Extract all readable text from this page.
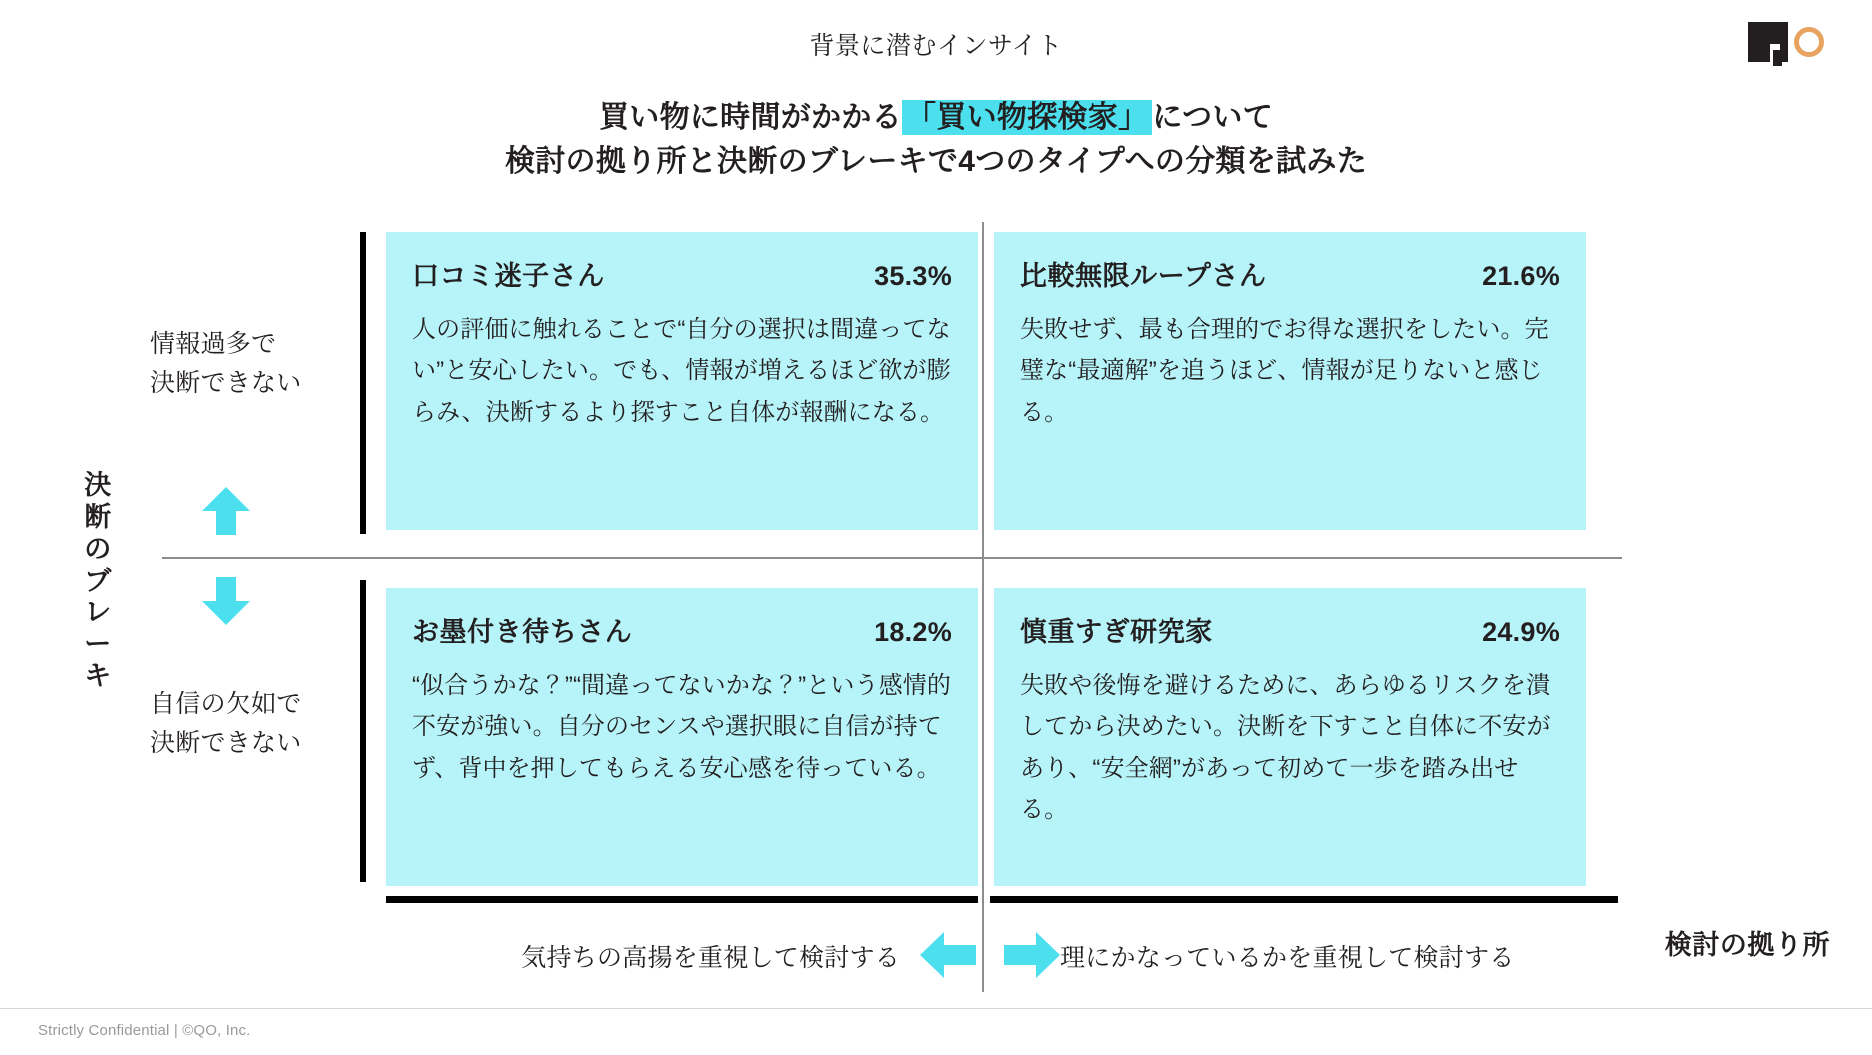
背景に潜むインサイト
買い物に時間がかかる 「買い物探検家」 について
検討の拠り所と決断のブレーキで4つのタイプへの分類を試みた
決断のブレーキ
検討の拠り所
情報過多で
決断できない
自信の欠如で
決断できない
気持ちの高揚を重視して検討する	理にかなっているかを重視して検討する
口コミ迷子さん	35.3%
人の評価に触れることで“自分の選択は間違ってない”と安心したい。でも、情報が増えるほど欲が膨らみ、決断するより探すこと自体が報酬になる。
比較無限ループさん	21.6%
失敗せず、最も合理的でお得な選択をしたい。完璧な“最適解”を追うほど、情報が足りないと感じる。
お墨付き待ちさん	18.2%
“似合うかな？”“間違ってないかな？”という感情的不安が強い。自分のセンスや選択眼に自信が持てず、背中を押してもらえる安心感を待っている。
慎重すぎ研究家	24.9%
失敗や後悔を避けるために、あらゆるリスクを潰してから決めたい。決断を下すこと自体に不安があり、“安全網”があって初めて一歩を踏み出せる。
Strictly Confidential | ©QO, Inc.
